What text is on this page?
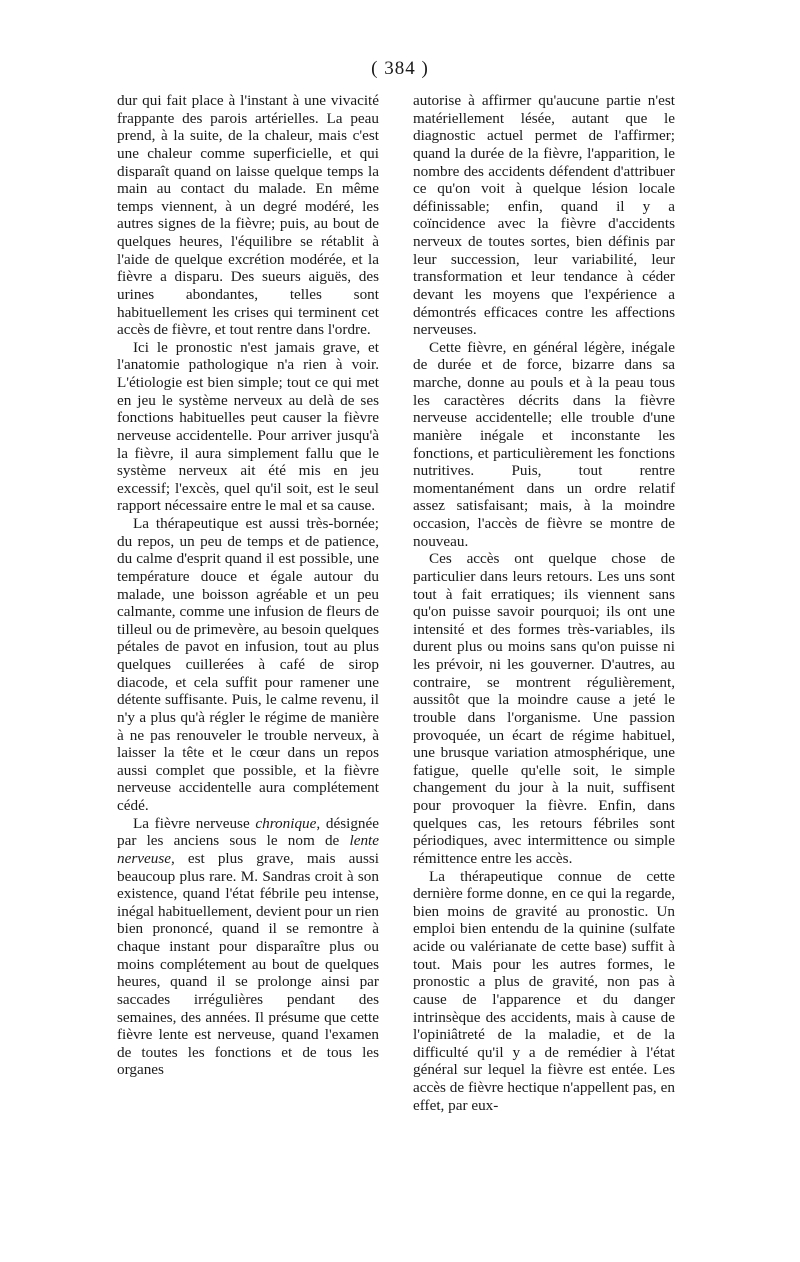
( 384 )

dur qui fait place à l'instant à une vivacité frappante des parois artérielles. La peau prend, à la suite, de la chaleur, mais c'est une chaleur comme superficielle, et qui disparaît quand on laisse quelque temps la main au contact du malade. En même temps viennent, à un degré modéré, les autres signes de la fièvre; puis, au bout de quelques heures, l'équilibre se rétablit à l'aide de quelque excrétion modérée, et la fièvre a disparu. Des sueurs aiguës, des urines abondantes, telles sont habituellement les crises qui terminent cet accès de fièvre, et tout rentre dans l'ordre.

Ici le pronostic n'est jamais grave, et l'anatomie pathologique n'a rien à voir. L'étiologie est bien simple; tout ce qui met en jeu le système nerveux au delà de ses fonctions habituelles peut causer la fièvre nerveuse accidentelle. Pour arriver jusqu'à la fièvre, il aura simplement fallu que le système nerveux ait été mis en jeu excessif; l'excès, quel qu'il soit, est le seul rapport nécessaire entre le mal et sa cause.

La thérapeutique est aussi très-bornée; du repos, un peu de temps et de patience, du calme d'esprit quand il est possible, une température douce et égale autour du malade, une boisson agréable et un peu calmante, comme une infusion de fleurs de tilleul ou de primevère, au besoin quelques pétales de pavot en infusion, tout au plus quelques cuillerées à café de sirop diacode, et cela suffit pour ramener une détente suffisante. Puis, le calme revenu, il n'y a plus qu'à régler le régime de manière à ne pas renouveler le trouble nerveux, à laisser la tête et le cœur dans un repos aussi complet que possible, et la fièvre nerveuse accidentelle aura complétement cédé.

La fièvre nerveuse chronique, désignée par les anciens sous le nom de lente nerveuse, est plus grave, mais aussi beaucoup plus rare. M. Sandras croit à son existence, quand l'état fébrile peu intense, inégal habituellement, devient pour un rien bien prononcé, quand il se remontre à chaque instant pour disparaître plus ou moins complétement au bout de quelques heures, quand il se prolonge ainsi par saccades irrégulières pendant des semaines, des années. Il présume que cette fièvre lente est nerveuse, quand l'examen de toutes les fonctions et de tous les organes

autorise à affirmer qu'aucune partie n'est matériellement lésée, autant que le diagnostic actuel permet de l'affirmer; quand la durée de la fièvre, l'apparition, le nombre des accidents défendent d'attribuer ce qu'on voit à quelque lésion locale définissable; enfin, quand il y a coïncidence avec la fièvre d'accidents nerveux de toutes sortes, bien définis par leur succession, leur variabilité, leur transformation et leur tendance à céder devant les moyens que l'expérience a démontrés efficaces contre les affections nerveuses.

Cette fièvre, en général légère, inégale de durée et de force, bizarre dans sa marche, donne au pouls et à la peau tous les caractères décrits dans la fièvre nerveuse accidentelle; elle trouble d'une manière inégale et inconstante les fonctions, et particulièrement les fonctions nutritives. Puis, tout rentre momentanément dans un ordre relatif assez satisfaisant; mais, à la moindre occasion, l'accès de fièvre se montre de nouveau.

Ces accès ont quelque chose de particulier dans leurs retours. Les uns sont tout à fait erratiques; ils viennent sans qu'on puisse savoir pourquoi; ils ont une intensité et des formes très-variables, ils durent plus ou moins sans qu'on puisse ni les prévoir, ni les gouverner. D'autres, au contraire, se montrent régulièrement, aussitôt que la moindre cause a jeté le trouble dans l'organisme. Une passion provoquée, un écart de régime habituel, une brusque variation atmosphérique, une fatigue, quelle qu'elle soit, le simple changement du jour à la nuit, suffisent pour provoquer la fièvre. Enfin, dans quelques cas, les retours fébriles sont périodiques, avec intermittence ou simple rémittence entre les accès.

La thérapeutique connue de cette dernière forme donne, en ce qui la regarde, bien moins de gravité au pronostic. Un emploi bien entendu de la quinine (sulfate acide ou valérianate de cette base) suffit à tout. Mais pour les autres formes, le pronostic a plus de gravité, non pas à cause de l'apparence et du danger intrinsèque des accidents, mais à cause de l'opiniâtreté de la maladie, et de la difficulté qu'il y a de remédier à l'état général sur lequel la fièvre est entée. Les accès de fièvre hectique n'appellent pas, en effet, par eux-
